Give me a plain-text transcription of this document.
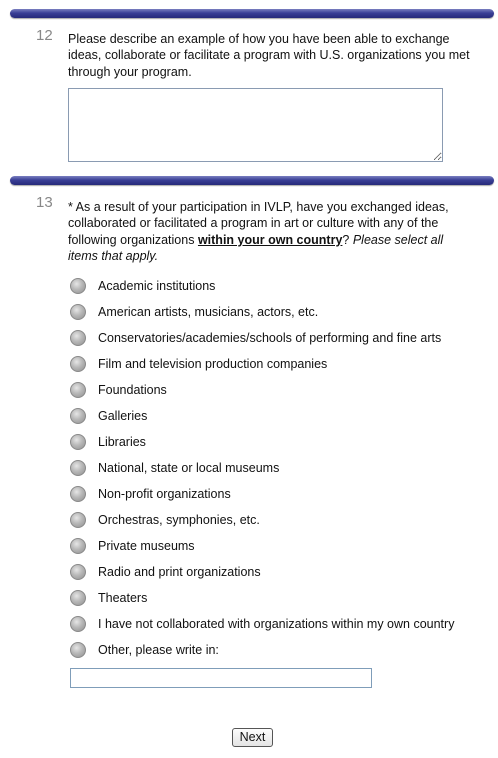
12 Please describe an example of how you have been able to exchange ideas, collaborate or facilitate a program with U.S. organizations you met through your program.
13 * As a result of your participation in IVLP, have you exchanged ideas, collaborated or facilitated a program in art or culture with any of the following organizations within your own country? Please select all items that apply.
Academic institutions
American artists, musicians, actors, etc.
Conservatories/academies/schools of performing and fine arts
Film and television production companies
Foundations
Galleries
Libraries
National, state or local museums
Non-profit organizations
Orchestras, symphonies, etc.
Private museums
Radio and print organizations
Theaters
I have not collaborated with organizations within my own country
Other, please write in:
Next
